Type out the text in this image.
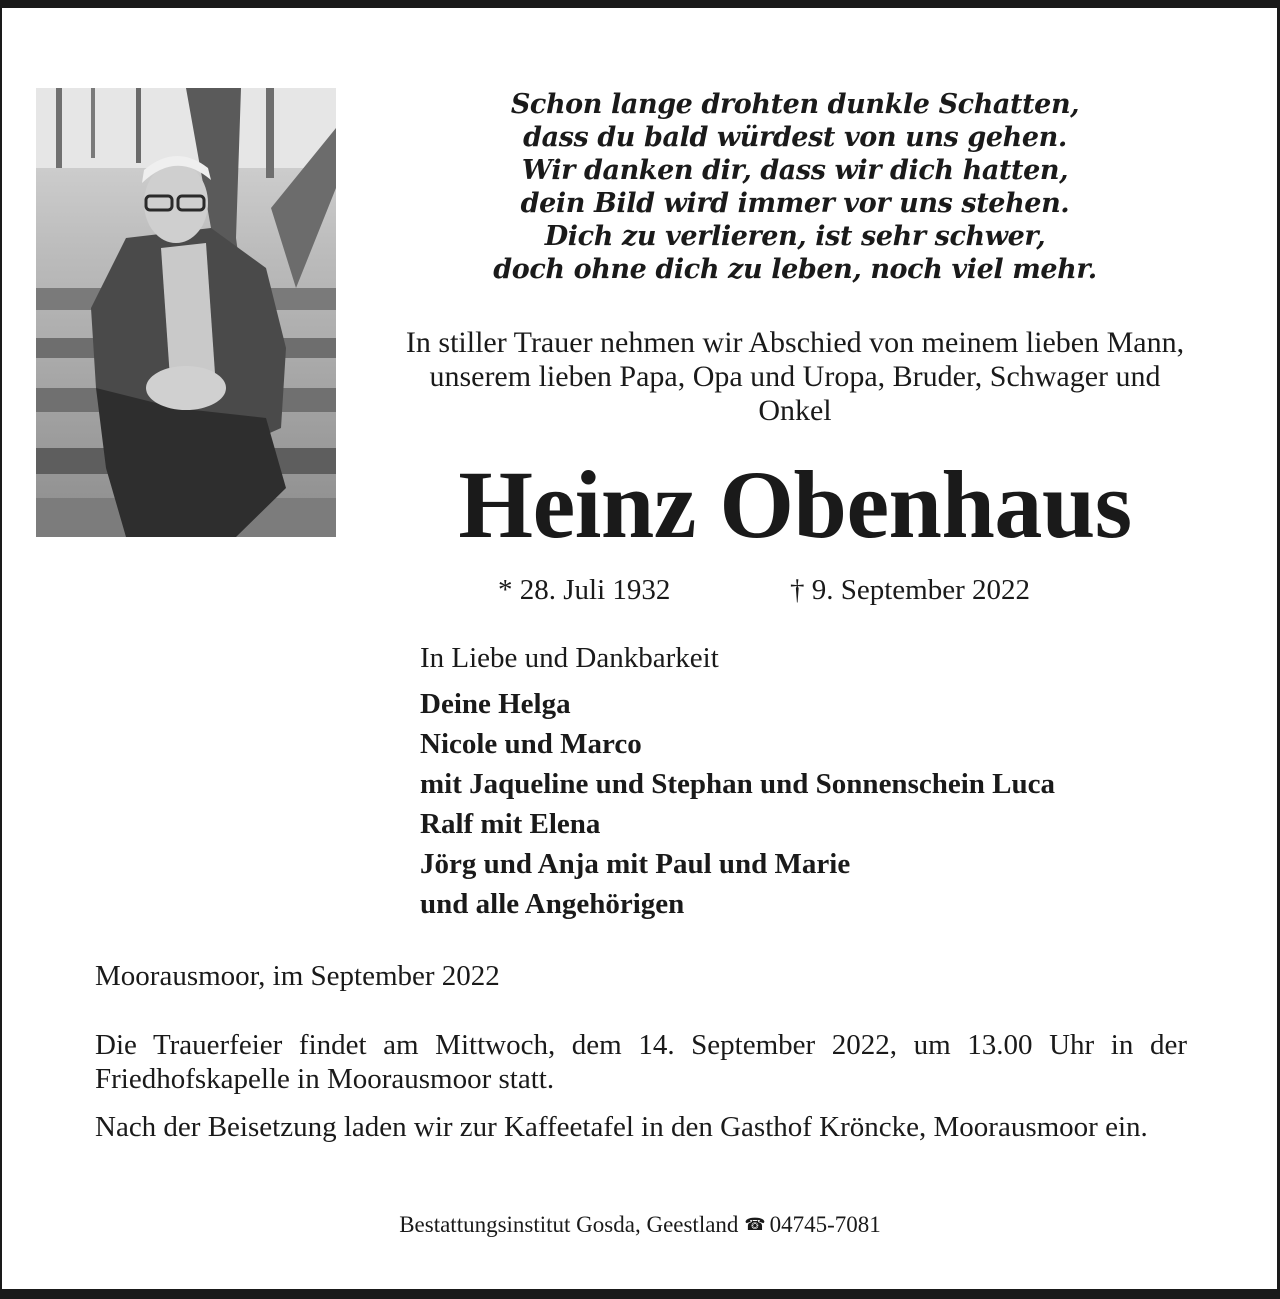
Schon lange drohten dunkle Schatten,
dass du bald würdest von uns gehen.
Wir danken dir, dass wir dich hatten,
dein Bild wird immer vor uns stehen.
Dich zu verlieren, ist sehr schwer,
doch ohne dich zu leben, noch viel mehr.
In stiller Trauer nehmen wir Abschied von meinem lieben Mann, unserem lieben Papa, Opa und Uropa, Bruder, Schwager und Onkel
Heinz Obenhaus
* 28. Juli 1932	† 9. September 2022
In Liebe und Dankbarkeit
Deine Helga
Nicole und Marco
mit Jaqueline und Stephan und Sonnenschein Luca
Ralf mit Elena
Jörg und Anja mit Paul und Marie
und alle Angehörigen
Moorausmoor, im September 2022
Die Trauerfeier findet am Mittwoch, dem 14. September 2022, um 13.00 Uhr in der Friedhofskapelle in Moorausmoor statt.
Nach der Beisetzung laden wir zur Kaffeetafel in den Gasthof Kröncke, Moorausmoor ein.
Bestattungsinstitut Gosda, Geestland ☎ 04745-7081
